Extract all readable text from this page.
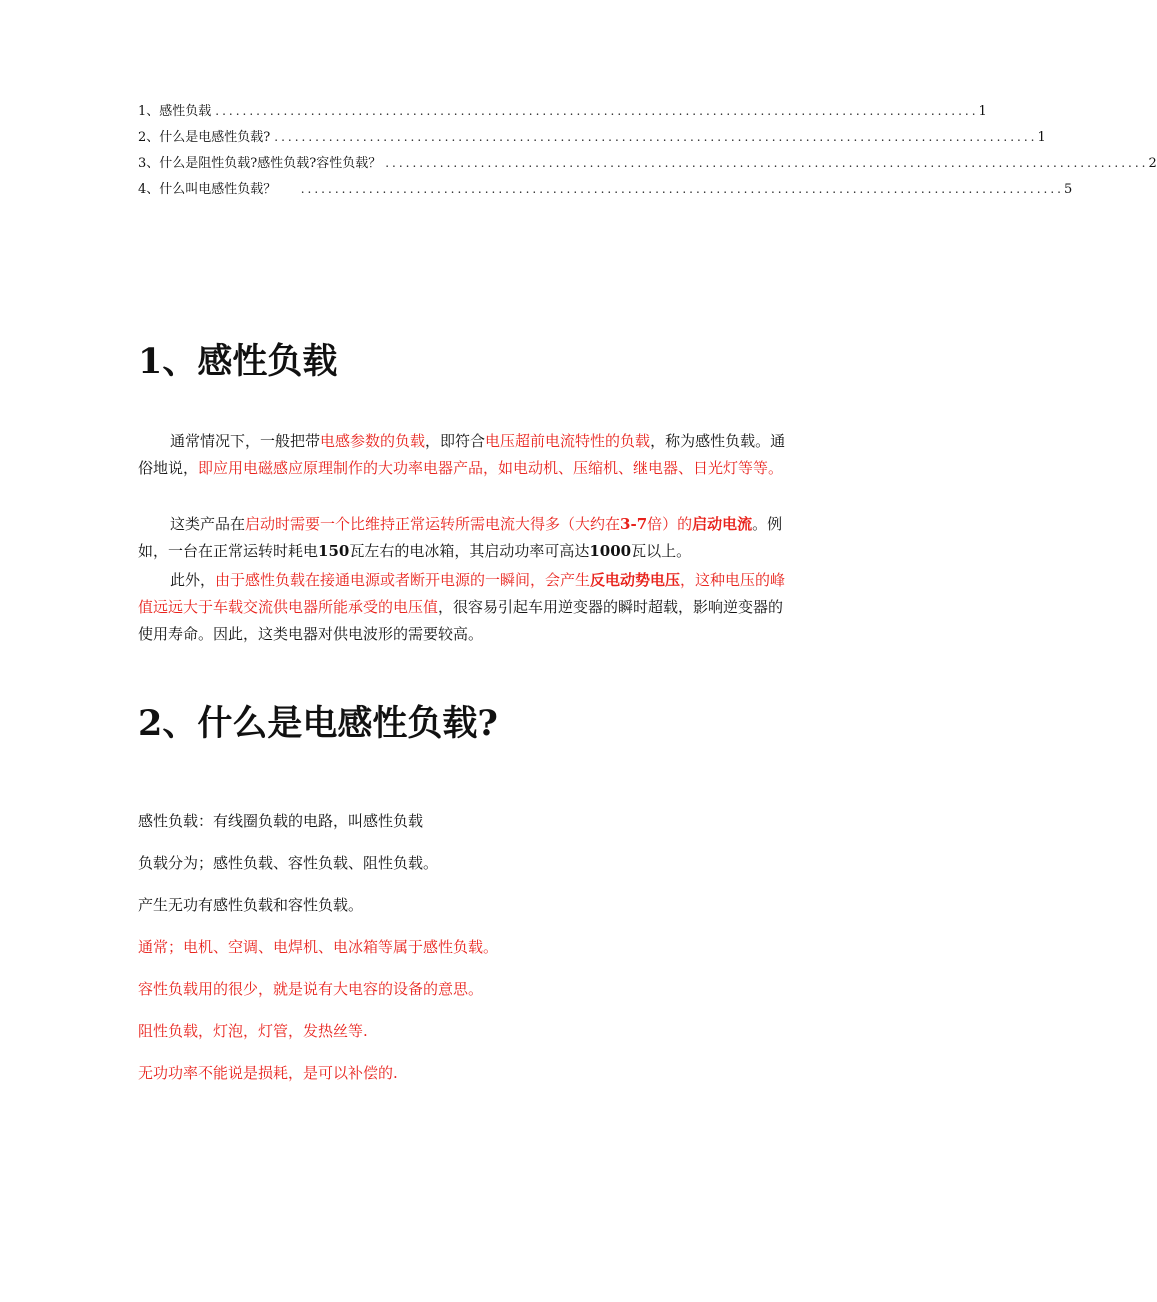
1、 感性负载 ................................................................................................................ 1
2、 什么是电感性负载? ................................................................................................................ 1
3、 什么是阻性负载?感性负载?容性负载？ ................................................................................................................ 2
4、 什么叫电感性负载？ ................................................................................................................ 5
1、感性负载

通常情况下，一般把带电感参数的负载，即符合电压超前电流特性的负载，称为感性负载。通俗地说，即应用电磁感应原理制作的大功率电器产品，如电动机、压缩机、继电器、日光灯等等。

这类产品在启动时需要一个比维持正常运转所需电流大得多（大约在3-7倍）的启动电流。例如，一台在正常运转时耗电150瓦左右的电冰箱，其启动功率可高达1000瓦以上。

此外，由于感性负载在接通电源或者断开电源的一瞬间，会产生反电动势电压，这种电压的峰值远远大于车载交流供电器所能承受的电压值，很容易引起车用逆变器的瞬时超载，影响逆变器的使用寿命。因此，这类电器对供电波形的需要较高。

2、什么是电感性负载?

感性负载：有线圈负载的电路，叫感性负载

负载分为；感性负载、容性负载、阻性负载。

产生无功有感性负载和容性负载。

通常；电机、空调、电焊机、电冰箱等属于感性负载。

容性负载用的很少，就是说有大电容的设备的意思。

阻性负载，灯泡，灯管，发热丝等.

无功功率不能说是损耗，是可以补偿的.
